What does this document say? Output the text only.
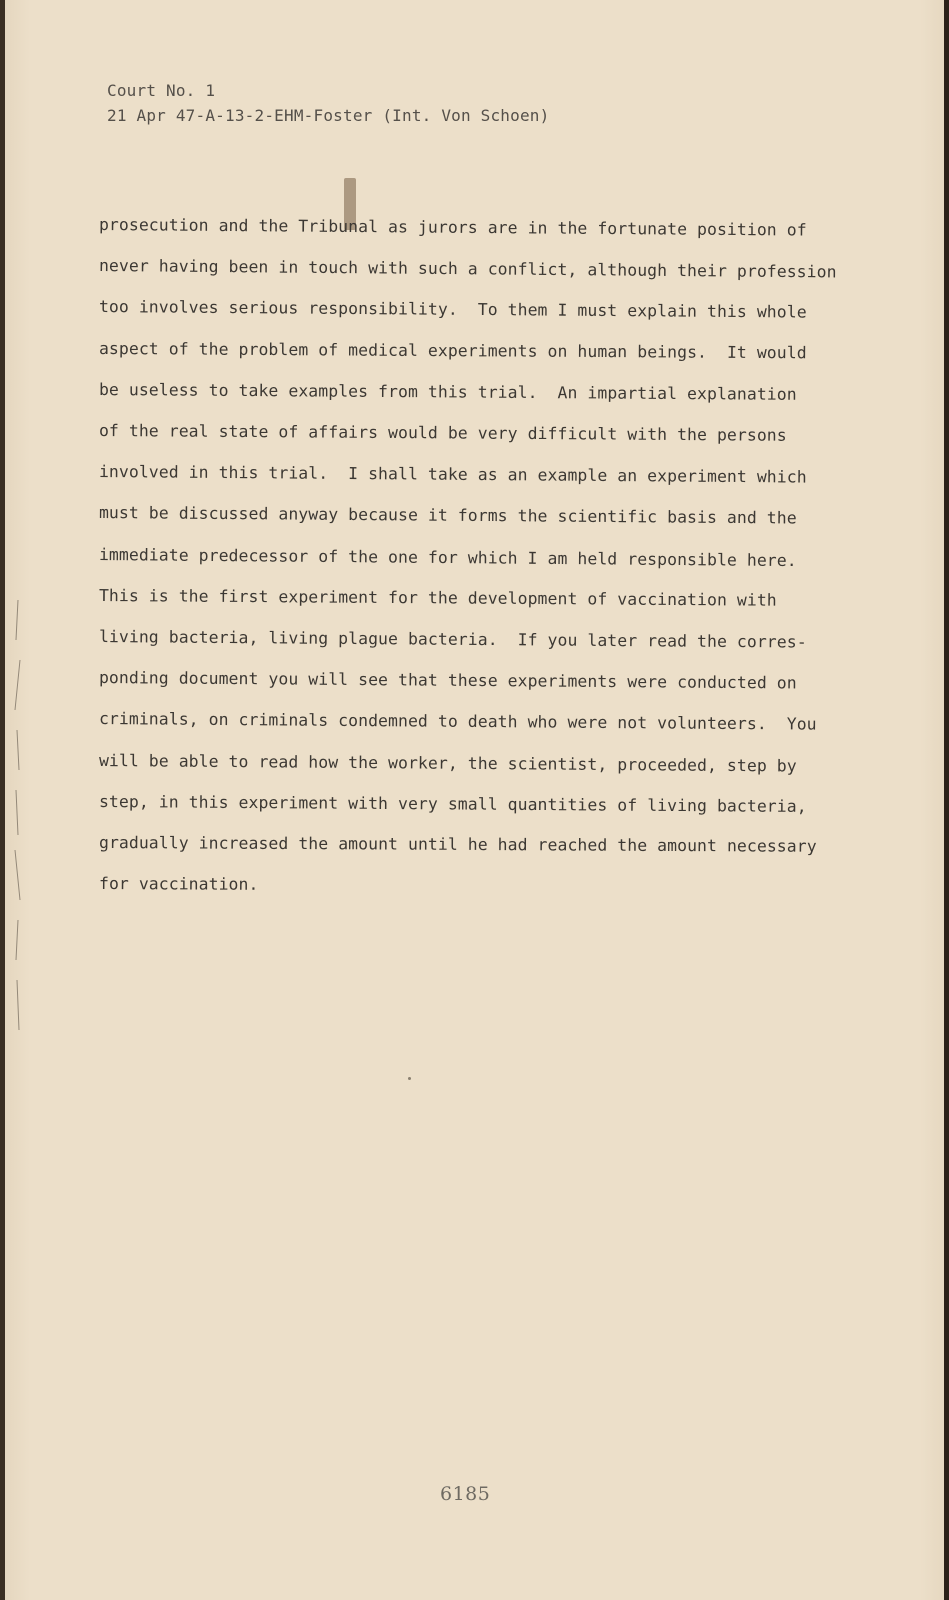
Court No. 1
21 Apr 47-A-13-2-EHM-Foster (Int. Von Schoen)
prosecution and the Tribunal as jurors are in the fortunate position of
never having been in touch with such a conflict, although their profession
too involves serious responsibility.  To them I must explain this whole
aspect of the problem of medical experiments on human beings.  It would
be useless to take examples from this trial.  An impartial explanation
of the real state of affairs would be very difficult with the persons
involved in this trial.  I shall take as an example an experiment which
must be discussed anyway because it forms the scientific basis and the
immediate predecessor of the one for which I am held responsible here.
This is the first experiment for the development of vaccination with
living bacteria, living plague bacteria.  If you later read the corres-
ponding document you will see that these experiments were conducted on
criminals, on criminals condemned to death who were not volunteers.  You
will be able to read how the worker, the scientist, proceeded, step by
step, in this experiment with very small quantities of living bacteria,
gradually increased the amount until he had reached the amount necessary
for vaccination.
6185
